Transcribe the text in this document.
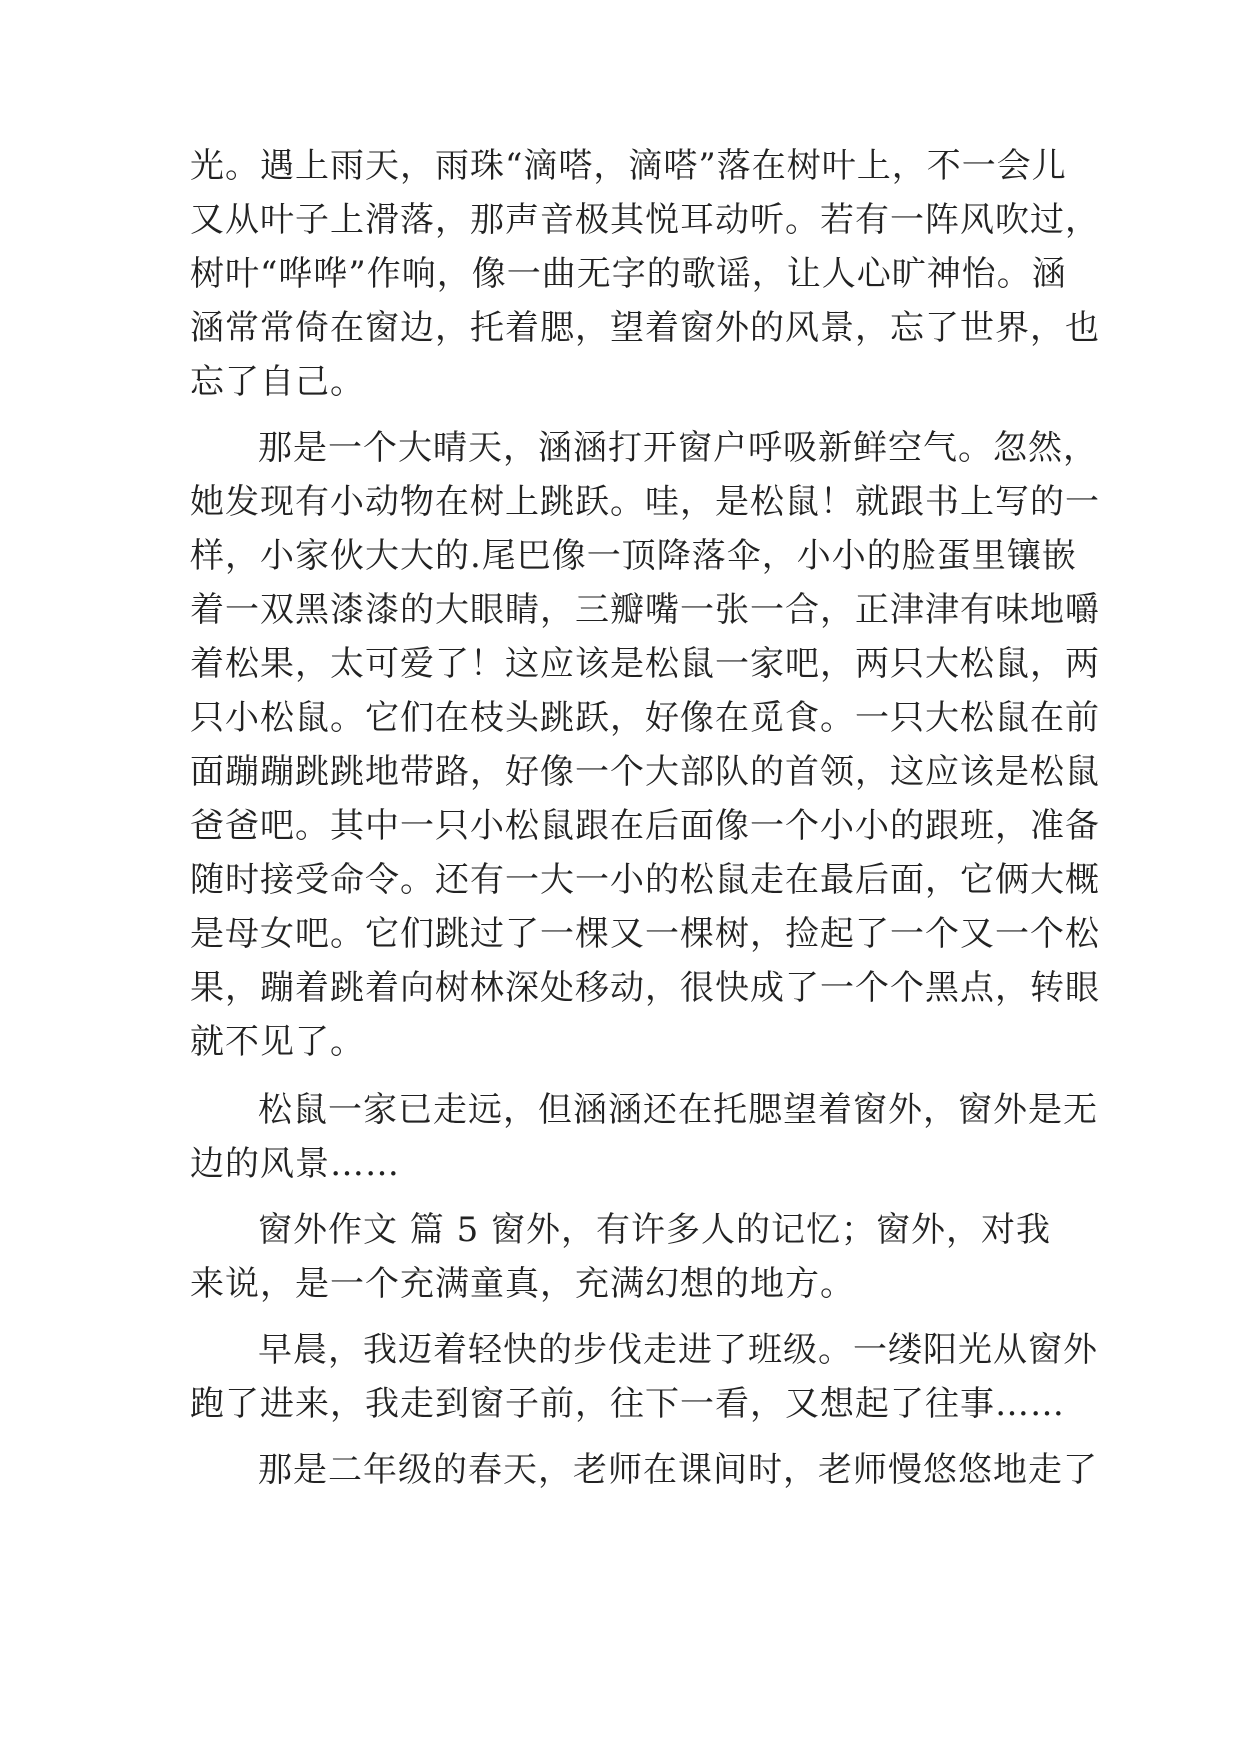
光。遇上雨天，雨珠“滴嗒，滴嗒”落在树叶上，不一会儿
又从叶子上滑落，那声音极其悦耳动听。若有一阵风吹过，
树叶“哗哗”作响，像一曲无字的歌谣，让人心旷神怡。涵
涵常常倚在窗边，托着腮，望着窗外的风景，忘了世界，也
忘了自己。
那是一个大晴天，涵涵打开窗户呼吸新鲜空气。忽然，
她发现有小动物在树上跳跃。哇，是松鼠！就跟书上写的一
样，小家伙大大的.尾巴像一顶降落伞，小小的脸蛋里镶嵌
着一双黑漆漆的大眼睛，三瓣嘴一张一合，正津津有味地嚼
着松果，太可爱了！这应该是松鼠一家吧，两只大松鼠，两
只小松鼠。它们在枝头跳跃，好像在觅食。一只大松鼠在前
面蹦蹦跳跳地带路，好像一个大部队的首领，这应该是松鼠
爸爸吧。其中一只小松鼠跟在后面像一个小小的跟班，准备
随时接受命令。还有一大一小的松鼠走在最后面，它俩大概
是母女吧。它们跳过了一棵又一棵树，捡起了一个又一个松
果，蹦着跳着向树林深处移动，很快成了一个个黑点，转眼
就不见了。
松鼠一家已走远，但涵涵还在托腮望着窗外，窗外是无
边的风景……
窗外作文 篇 5 窗外，有许多人的记忆；窗外，对我
来说，是一个充满童真，充满幻想的地方。
早晨，我迈着轻快的步伐走进了班级。一缕阳光从窗外
跑了进来，我走到窗子前，往下一看，又想起了往事……
那是二年级的春天，老师在课间时，老师慢悠悠地走了
